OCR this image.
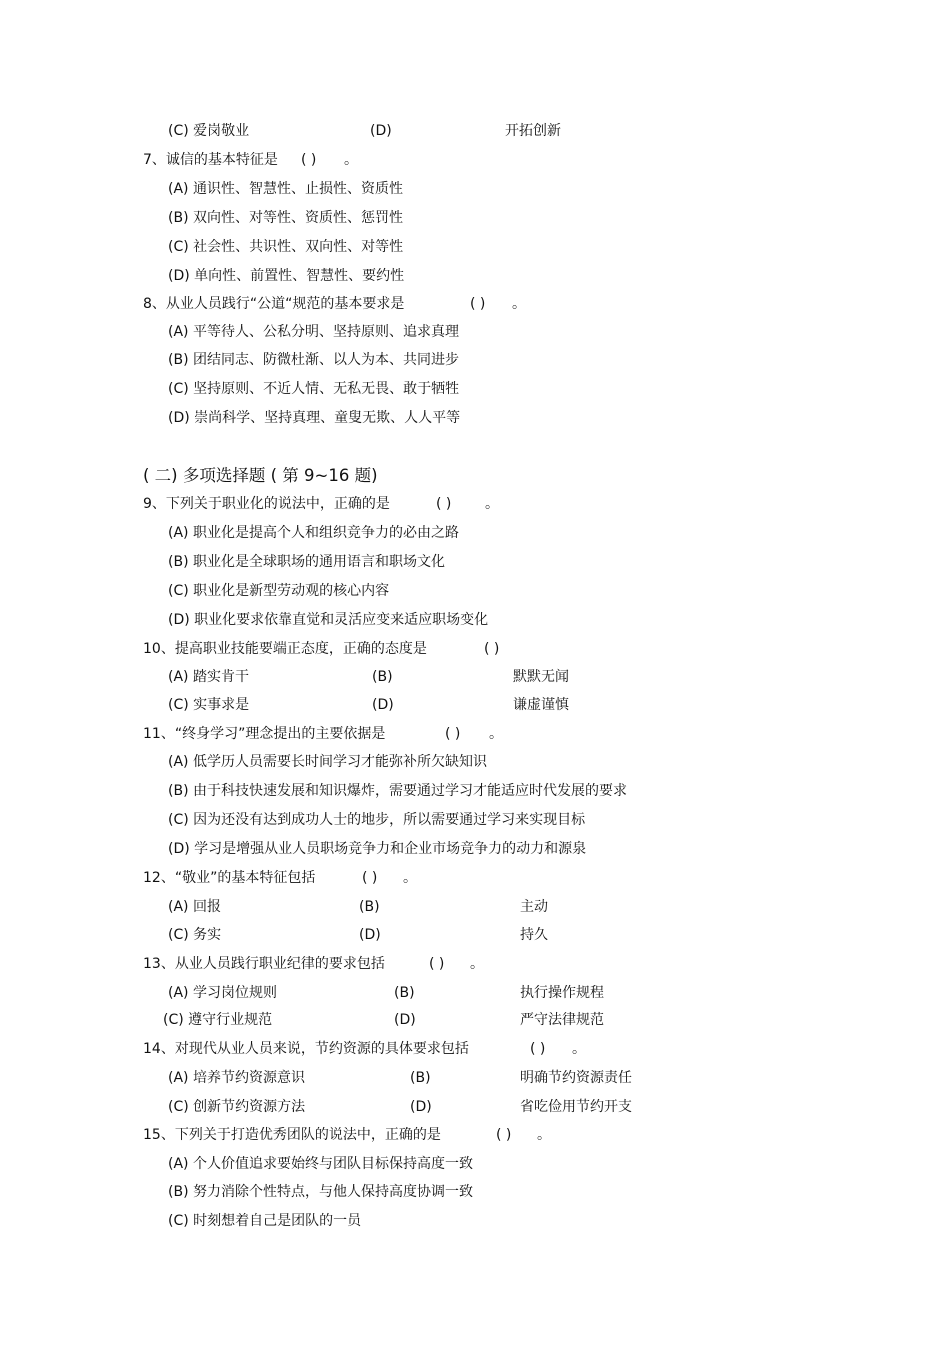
(C) 爱岗敬业	(D)	开拓创新
7、诚信的基本特征是 ( ) 。
(A) 通识性、智慧性、止损性、资质性
(B) 双向性、对等性、资质性、惩罚性
(C) 社会性、共识性、双向性、对等性
(D) 单向性、前置性、智慧性、要约性
8、从业人员践行“公道“规范的基本要求是	( ) 。
(A) 平等待人、公私分明、坚持原则、追求真理
(B) 团结同志、防微杜渐、以人为本、共同进步
(C) 坚持原则、不近人情、无私无畏、敢于牺牲
(D) 崇尚科学、坚持真理、童叟无欺、人人平等
( 二) 多项选择题 ( 第 9~16 题)
9、下列关于职业化的说法中，正确的是	( ) 。
(A) 职业化是提高个人和组织竞争力的必由之路
(B) 职业化是全球职场的通用语言和职场文化
(C) 职业化是新型劳动观的核心内容
(D) 职业化要求依靠直觉和灵活应变来适应职场变化
10、提高职业技能要端正态度，正确的态度是	( )
(A) 踏实肯干	(B)	默默无闻
(C) 实事求是	(D)	谦虚谨慎
11、“终身学习”理念提出的主要依据是	( ) 。
(A) 低学历人员需要长时间学习才能弥补所欠缺知识
(B) 由于科技快速发展和知识爆炸，需要通过学习才能适应时代发展的要求
(C) 因为还没有达到成功人士的地步，所以需要通过学习来实现目标
(D) 学习是增强从业人员职场竞争力和企业市场竞争力的动力和源泉
12、“敬业”的基本特征包括	( ) 。
(A) 回报	(B)	主动
(C) 务实	(D)	持久
13、从业人员践行职业纪律的要求包括	( ) 。
(A) 学习岗位规则	(B)	执行操作规程
(C) 遵守行业规范	(D)	严守法律规范
14、对现代从业人员来说，节约资源的具体要求包括	( ) 。
(A) 培养节约资源意识	(B)	明确节约资源责任
(C) 创新节约资源方法	(D)	省吃俭用节约开支
15、下列关于打造优秀团队的说法中，正确的是	( ) 。
(A) 个人价值追求要始终与团队目标保持高度一致
(B) 努力消除个性特点，与他人保持高度协调一致
(C) 时刻想着自己是团队的一员
